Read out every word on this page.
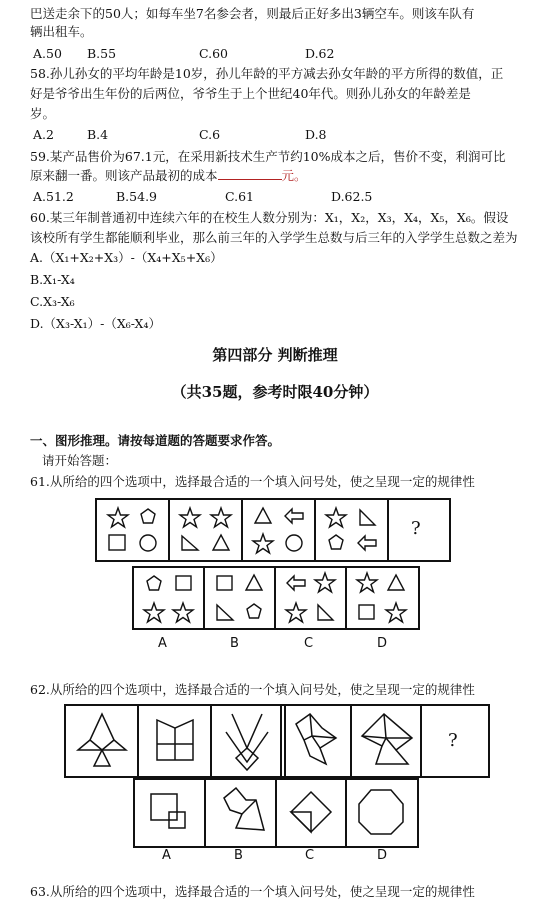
巴送走余下的50人；如每车坐7名参会者，则最后正好多出3辆空车。则该车队有
辆出租车。
A.50 B.55	C.60	D.62
58.孙儿孙女的平均年龄是10岁，孙儿年龄的平方减去孙女年龄的平方所得的数值，正
好是爷爷出生年份的后两位，爷爷生于上个世纪40年代。则孙儿孙女的年龄差是
岁。
A.2	B.4	C.6	D.8
59.某产品售价为67.1元，在采用新技术生产节约10%成本之后，售价不变，利润可比
原来翻一番。则该产品最初的成本	元。
A.51.2	B.54.9	C.61	D.62.5
60.某三年制普通初中连续六年的在校生人数分别为：X₁，X₂，X₃，X₄，X₅，X₆。假设
该校所有学生都能顺利毕业，那么前三年的入学学生总数与后三年的入学学生总数之差为
A.（X₁+X₂+X₃）-（X₄+X₅+X₆）
B.X₁-X₄
C.X₃-X₆
D.（X₃-X₁）-（X₆-X₄）
第四部分 判断推理
（共35题，参考时限40分钟）
一、图形推理。请按每道题的答题要求作答。
请开始答题：
61.从所给的四个选项中，选择最合适的一个填入问号处，使之呈现一定的规律性
?
A	B	C	D
62.从所给的四个选项中，选择最合适的一个填入问号处，使之呈现一定的规律性
?
A	B	C	D
63.从所给的四个选项中，选择最合适的一个填入问号处，使之呈现一定的规律性
